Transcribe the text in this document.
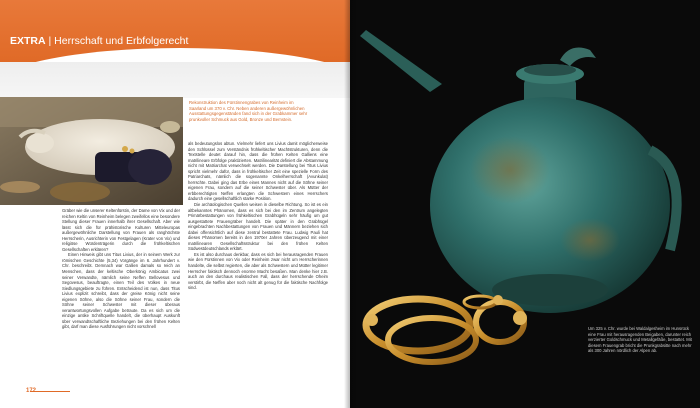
EXTRA | Herrschaft und Erbfolgerecht
Rekonstruktion des Fürstinnengrabes von Reinheim im Saarland um 370 v. Chr. Neben anderen außergewöhnlichen Ausstattungsgegenständen fand sich in der Grabkammer sehr prunkvoller Schmuck aus Gold, Bronze und Bernstein.

Gräber wie die unserer Keltenfürstin, der Dame von Vix und der reichen Keltin von Reinheim belegen zweifellos eine besondere Stellung dieser Frauen innerhalb ihrer Gesellschaft. Aber wie lässt sich die für prähistorische Kulturen Mitteleuropas außergewöhnliche Darstellung von Frauen als ranghöchste Herrscherin, Ausrichterin von Festgelagen (Krater von Vix) und religiöse Würdenträgerin durch die frühkeltischen Gesellschaften erklären?

Einen Hinweis gibt uns Titus Livius, der in seinem Werk zur römischen Geschichte (5,34) Vorgänge im 6. Jahrhundert v. Chr. beschreibt. Demnach war Gallien damals so reich an Menschen, dass der keltische Oberkönig Ambicatus zwei seiner Verwandte, nämlich seine Neffen Bellovesus und Segovesus, beauftragte, einen Teil des Volkes in neue Siedlungsgebiete zu führen. Entscheidend ist nun, dass Titus Livius explizit schreibt, dass der greise König nicht seine eigenen Söhne, also die Söhne seiner Frau, sondern die Söhne seiner Schwester mit dieser überaus verantwortungsvollen Aufgabe betraute. Da es sich um die einzige antike Schriftquelle handelt, die überhaupt Auskunft über verwandtschaftliche Beziehungen bei den frühen Kelten gibt, darf man diese Ausführungen nicht vorschnell

als bedeutungslos abtun. Vielmehr liefert uns Livius damit möglicherweise den Schlüssel zum Verständnis frühkeltischer Machtstrukturen, denn die Textstelle deutet darauf hin, dass die frühen Kelten Galliens eine matrilineare Erbfolge praktizierten. Matrilinearität definiert die Abstammung nicht mit Matriarchat verwechselt werden. Die Darstellung bei Titus Livius spricht vielmehr dafür, dass in frühkeltischer Zeit eine spezielle Form des Patriarchats, nämlich die sogenannte Onkelherrschaft (Avunkulat) herrschte. Dabei ging das Erbe eines Mannes nicht auf die Söhne seiner eigenen Frau, sondern auf die seiner Schwester über. Als Mütter der erbberechtigten Neffen erlangten die Schwestern eines Herrschers dadurch eine gesellschaftlich starke Position.

Die archäologischen Quellen weisen in dieselbe Richtung. So ist es ein altbekanntes Phänomen, dass es sich bei den im Zentrum angelegten Primärbestattungen von frühkeltischen Grabhügeln sehr häufig um gut ausgestattete Frauengräber handelt. Die später in den Grabhügel eingebrachten Nachbestattungen von Frauen und Männern beziehen sich dabei offensichtlich auf diese zentral bestattete Frau. Ludwig Pauli hat dieses Phänomen bereits in den 1970er Jahren überzeugend mit einer matrilinearen Gesellschaftsstruktur bei den frühen Kelten Südwestdeutschlands erklärt.

Es ist also durchaus denkbar, dass es sich bei herausragenden Frauen wie den Fürstinnen von Vix oder Reinheim zwar nicht um Herrscherinnen handelte, die selbst regierten, die aber als Schwestern und Mütter legitimer Herrscher faktisch dennoch enorme Macht besaßen. Man denke hier z.B. auch an den durchaus realistischen Fall, dass der herrschende Oheim verstirbt, die Neffen aber noch nicht alt genug für die faktische Nachfolge sind.

172
Um 325 v. Chr. wurde bei Waldalgesheim im Hunsrück eine Frau mit herausragenden Beigaben, darunter reich verzierter Goldschmuck und Metallgefäße, bestattet. Mit diesem Frauengrab bricht die Prunkgrabsitte nach mehr als 300 Jahren nördlich der Alpen ab.
